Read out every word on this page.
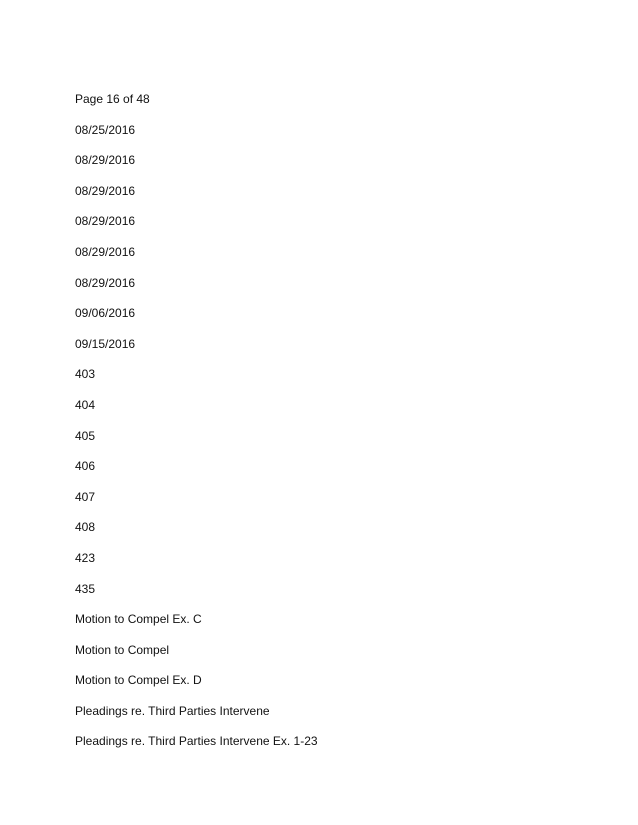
Page 16 of 48
08/25/2016
08/29/2016
08/29/2016
08/29/2016
08/29/2016
08/29/2016
09/06/2016
09/15/2016
403
404
405
406
407
408
423
435
Motion to Compel Ex. C
Motion to Compel
Motion to Compel Ex. D
Pleadings re. Third Parties Intervene
Pleadings re. Third Parties Intervene Ex. 1-23
